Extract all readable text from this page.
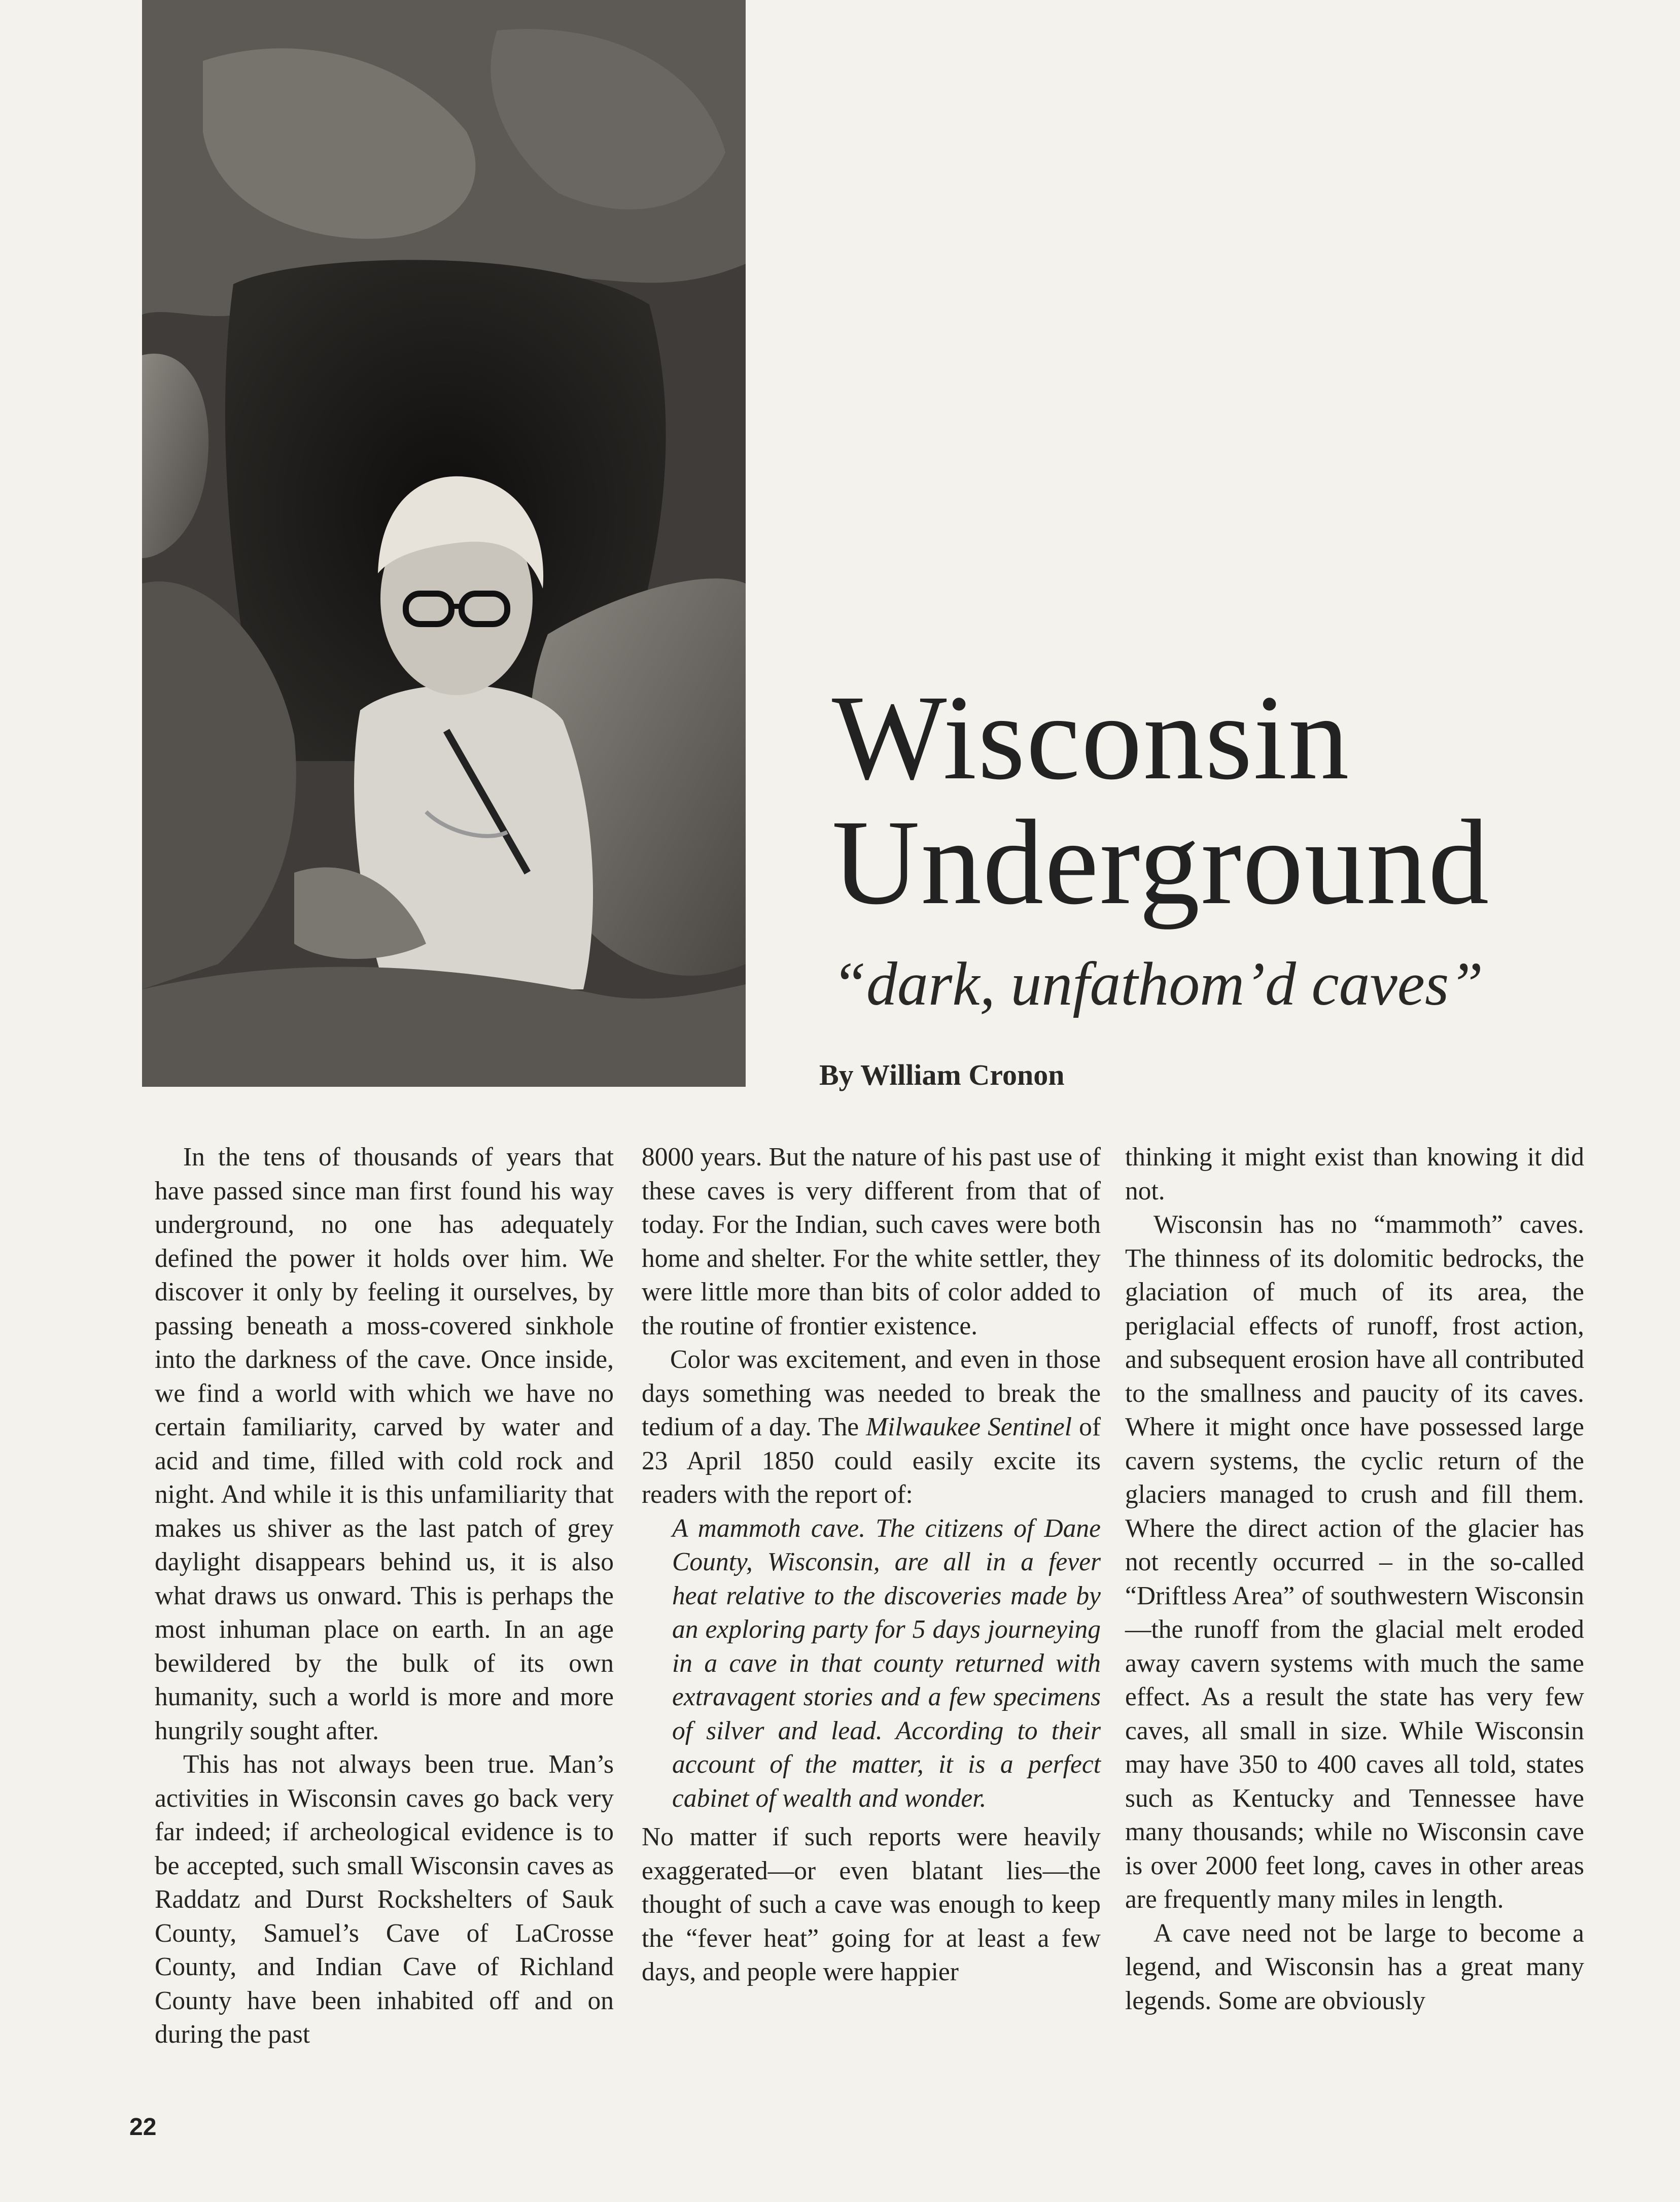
Wisconsin
Underground

“dark, unfathom’d caves”

By William Cronon

In the tens of thousands of years that have passed since man first found his way underground, no one has adequately defined the power it holds over him. We discover it only by feeling it ourselves, by passing beneath a moss-covered sinkhole into the darkness of the cave. Once inside, we find a world with which we have no certain familiarity, carved by water and acid and time, filled with cold rock and night. And while it is this unfamiliarity that makes us shiver as the last patch of grey daylight disappears behind us, it is also what draws us onward. This is perhaps the most inhuman place on earth. In an age bewildered by the bulk of its own humanity, such a world is more and more hungrily sought after.

This has not always been true. Man’s activities in Wisconsin caves go back very far indeed; if archeological evidence is to be accepted, such small Wisconsin caves as Raddatz and Durst Rockshelters of Sauk County, Samuel’s Cave of LaCrosse County, and Indian Cave of Richland County have been inhabited off and on during the past

8000 years. But the nature of his past use of these caves is very different from that of today. For the Indian, such caves were both home and shelter. For the white settler, they were little more than bits of color added to the routine of frontier existence.

Color was excitement, and even in those days something was needed to break the tedium of a day. The Milwaukee Sentinel of 23 April 1850 could easily excite its readers with the report of:

A mammoth cave. The citizens of Dane County, Wisconsin, are all in a fever heat relative to the discoveries made by an exploring party for 5 days journeying in a cave in that county returned with extravagent stories and a few specimens of silver and lead. According to their account of the matter, it is a perfect cabinet of wealth and wonder.

No matter if such reports were heavily exaggerated—or even blatant lies—the thought of such a cave was enough to keep the “fever heat” going for at least a few days, and people were happier

thinking it might exist than knowing it did not.

Wisconsin has no “mammoth” caves. The thinness of its dolomitic bedrocks, the glaciation of much of its area, the periglacial effects of runoff, frost action, and subsequent erosion have all contributed to the smallness and paucity of its caves. Where it might once have possessed large cavern systems, the cyclic return of the glaciers managed to crush and fill them. Where the direct action of the glacier has not recently occurred – in the so-called “Driftless Area” of southwestern Wisconsin—the runoff from the glacial melt eroded away cavern systems with much the same effect. As a result the state has very few caves, all small in size. While Wisconsin may have 350 to 400 caves all told, states such as Kentucky and Tennessee have many thousands; while no Wisconsin cave is over 2000 feet long, caves in other areas are frequently many miles in length.

A cave need not be large to become a legend, and Wisconsin has a great many legends. Some are obviously

22
